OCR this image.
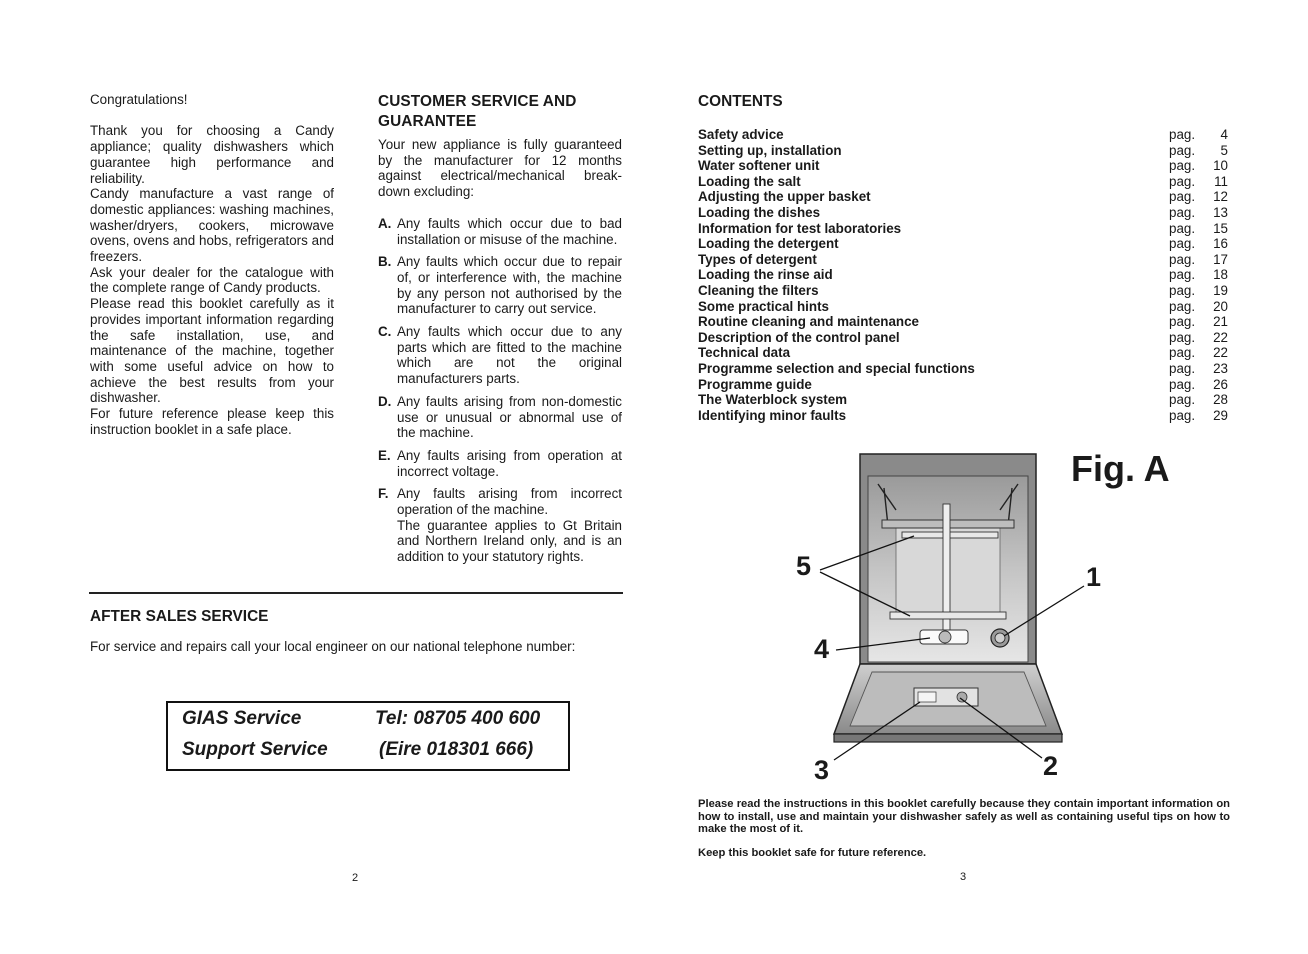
Congratulations!

Thank you for choosing a Candy appliance; quality dishwashers which guarantee high performance and reliability.

Candy manufacture a vast range of domestic appliances: washing machines, washer/dryers, cookers, microwave ovens, ovens and hobs, refrigerators and freezers.

Ask your dealer for the catalogue with the complete range of Candy products.

Please read this booklet carefully as it provides important information regarding the safe installation, use, and maintenance of the machine, together with some useful advice on how to achieve the best results from your dishwasher.

For future reference please keep this instruction booklet in a safe place.

CUSTOMER SERVICE AND GUARANTEE

Your new appliance is fully guaranteed by the manufacturer for 12 months against electrical/mechanical break-down excluding:

A. Any faults which occur due to bad installation or misuse of the machine.
B. Any faults which occur due to repair of, or interference with, the machine by any person not authorised by the manufacturer to carry out service.
C. Any faults which occur due to any parts which are fitted to the machine which are not the original manufacturers parts.
D. Any faults arising from non-domestic use or unusual or abnormal use of the machine.
E. Any faults arising from operation at incorrect voltage.
F. Any faults arising from incorrect operation of the machine.
The guarantee applies to Gt Britain and Northern Ireland only, and is an addition to your statutory rights.
AFTER SALES SERVICE
For service and repairs call your local engineer on our national telephone number:
GIAS Service	Tel: 08705 400 600
Support Service	(Eire 018301 666)
2
CONTENTS
Safety advice	pag.	4
Setting up, installation	pag.	5
Water softener unit	pag.	10
Loading the salt	pag.	11
Adjusting the upper basket	pag.	12
Loading the dishes	pag.	13
Information for test laboratories	pag.	15
Loading the detergent	pag.	16
Types of detergent	pag.	17
Loading the rinse aid	pag.	18
Cleaning the filters	pag.	19
Some practical hints	pag.	20
Routine cleaning and maintenance	pag.	21
Description of the control panel	pag.	22
Technical data	pag.	22
Programme selection and special functions	pag.	23
Programme guide	pag.	26
The Waterblock system	pag.	28
Identifying minor faults	pag.	29
Fig. A
1
2
3
4
5
Please read the instructions in this booklet carefully because they contain important information on how to install, use and maintain your dishwasher safely as well as containing useful tips on how to make the most of it.
Keep this booklet safe for future reference.
3
